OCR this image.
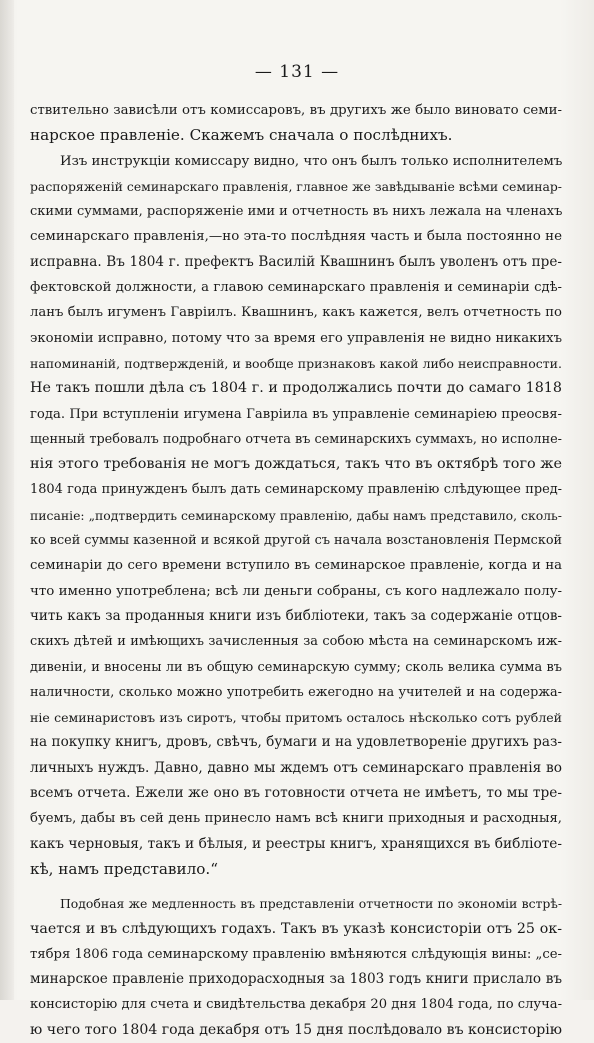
— 131 —
ствительно зависѣли отъ комиссаровъ, въ другихъ же было виновато семи-
нарское правленіе. Скажемъ сначала о послѣднихъ.
Изъ инструкціи комиссару видно, что онъ былъ только исполнителемъ
распоряженій семинарскаго правленія, главное же завѣдываніе всѣми семинар-
скими суммами, распоряженіе ими и отчетность въ нихъ лежала на членахъ
семинарскаго правленія,—но эта-то послѣдняя часть и была постоянно не
исправна. Въ 1804 г. префектъ Василій Квашнинъ былъ уволенъ отъ пре-
фектовской должности, а главою семинарскаго правленія и семинаріи сдѣ-
ланъ былъ игуменъ Гавріилъ. Квашнинъ, какъ кажется, велъ отчетность по
экономіи исправно, потому что за время его управленія не видно никакихъ
напоминаній, подтвержденій, и вообще признаковъ какой либо неисправности.
Не такъ пошли дѣла съ 1804 г. и продолжались почти до самаго 1818
года. При вступленіи игумена Гавріила въ управленіе семинаріею преосвя-
щенный требовалъ подробнаго отчета въ семинарскихъ суммахъ, но исполне-
нія этого требованія не могъ дождаться, такъ что въ октябрѣ того же
1804 года принужденъ былъ дать семинарскому правленію слѣдующее пред-
писаніе: „подтвердить семинарскому правленію, дабы намъ представило, сколь-
ко всей суммы казенной и всякой другой съ начала возстановленія Пермской
семинаріи до сего времени вступило въ семинарское правленіе, когда и на
что именно употреблена; всѣ ли деньги собраны, съ кого надлежало полу-
чить какъ за проданныя книги изъ библіотеки, такъ за содержаніе отцов-
скихъ дѣтей и имѣющихъ зачисленныя за собою мѣста на семинарскомъ иж-
дивеніи, и вносены ли въ общую семинарскую сумму; сколь велика сумма въ
наличности, сколько можно употребить ежегодно на учителей и на содержа-
ніе семинаристовъ изъ сиротъ, чтобы притомъ осталось нѣсколько сотъ рублей
на покупку книгъ, дровъ, свѣчъ, бумаги и на удовлетвореніе другихъ раз-
личныхъ нуждъ. Давно, давно мы ждемъ отъ семинарскаго правленія во
всемъ отчета. Ежели же оно въ готовности отчета не имѣетъ, то мы тре-
буемъ, дабы въ сей день принесло намъ всѣ книги приходныя и расходныя,
какъ черновыя, такъ и бѣлыя, и реестры книгъ, хранящихся въ библіоте-
кѣ, намъ представило.“
Подобная же медленность въ представленіи отчетности по экономіи встрѣ-
чается и въ слѣдующихъ годахъ. Такъ въ указѣ консисторіи отъ 25 ок-
тября 1806 года семинарскому правленію вмѣняются слѣдующія вины: „се-
минарское правленіе приходорасходныя за 1803 годъ книги прислало въ
консисторію для счета и свидѣтельства декабря 20 дня 1804 года, по случа-
ю чего того 1804 года декабря отъ 15 дня послѣдовало въ консисторію
